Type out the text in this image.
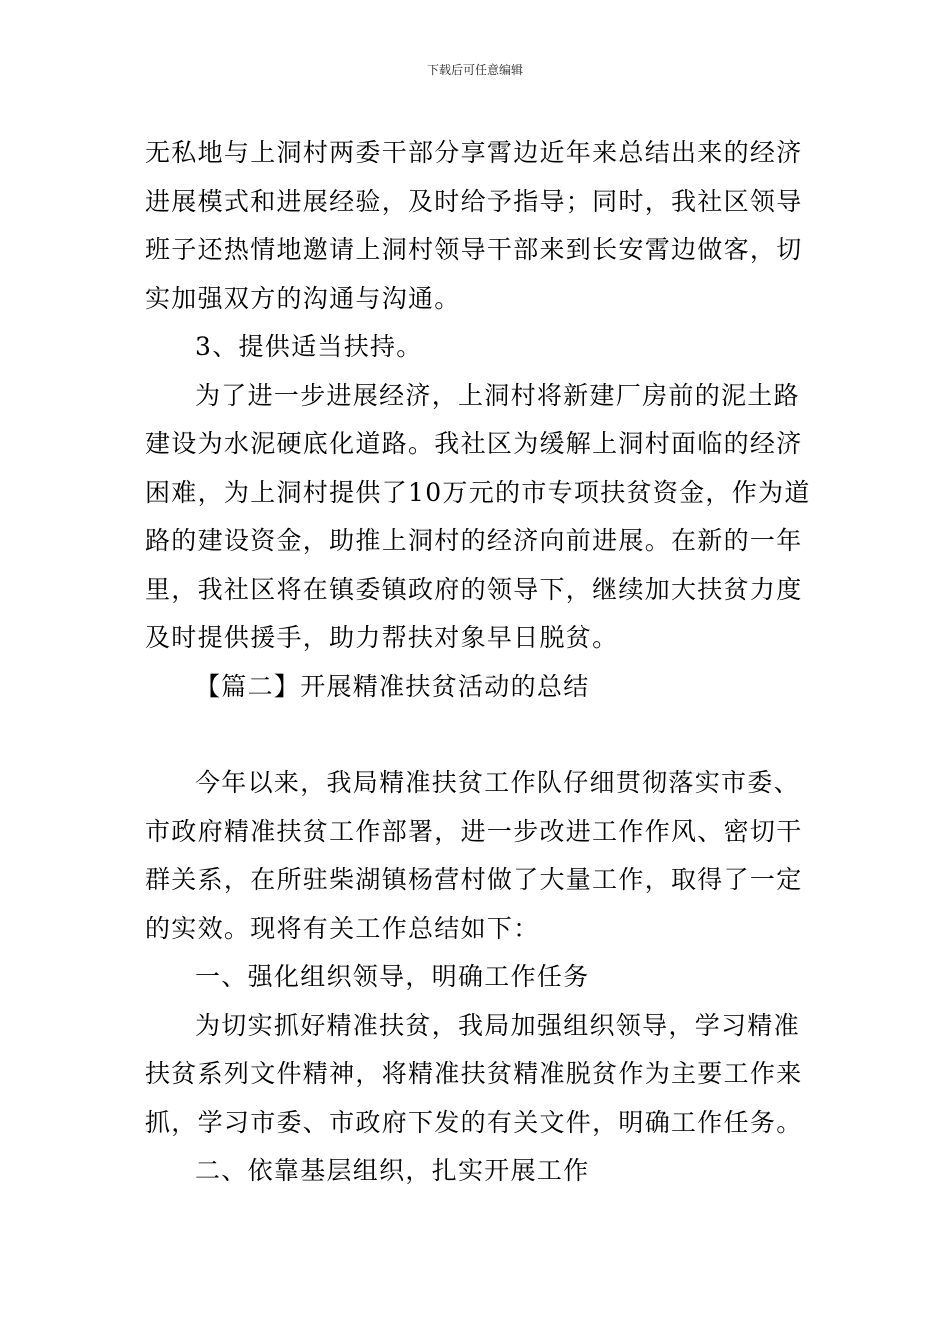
下载后可任意编辑

无私地与上洞村两委干部分享霄边近年来总结出来的经济
进展模式和进展经验，及时给予指导；同时，我社区领导
班子还热情地邀请上洞村领导干部来到长安霄边做客，切
实加强双方的沟通与沟通。

3、提供适当扶持。

为了进一步进展经济，上洞村将新建厂房前的泥土路
建设为水泥硬底化道路。我社区为缓解上洞村面临的经济
困难，为上洞村提供了10万元的市专项扶贫资金，作为道
路的建设资金，助推上洞村的经济向前进展。在新的一年
里，我社区将在镇委镇政府的领导下，继续加大扶贫力度
及时提供援手，助力帮扶对象早日脱贫。

【篇二】开展精准扶贫活动的总结

今年以来，我局精准扶贫工作队仔细贯彻落实市委、
市政府精准扶贫工作部署，进一步改进工作作风、密切干
群关系，在所驻柴湖镇杨营村做了大量工作，取得了一定
的实效。现将有关工作总结如下：

一、强化组织领导，明确工作任务

为切实抓好精准扶贫，我局加强组织领导，学习精准
扶贫系列文件精神，将精准扶贫精准脱贫作为主要工作来
抓，学习市委、市政府下发的有关文件，明确工作任务。

二、依靠基层组织，扎实开展工作
